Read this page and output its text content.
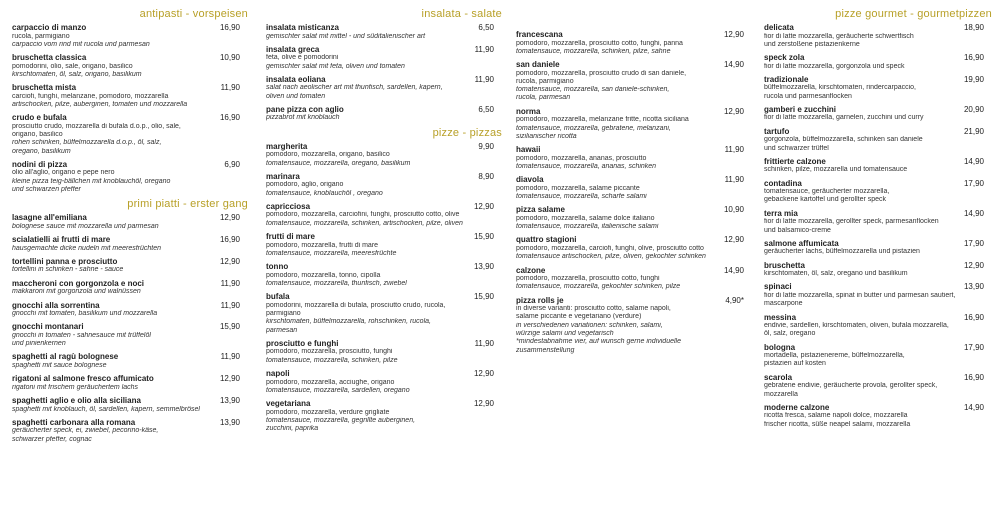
antipasti - vorspeisen
carpaccio di manzo	16,90
rucola, parmigiano
carpaccio vom rind mit rucola und parmesan
bruschetta classica	10,90
pomodorini, olio, sale, origano, basilico
kirschtomaten, öl, salz, origano, basilikum
bruschetta mista	11,90
carciofi, funghi, melanzane, pomodoro, mozzarella
artischocken, pilze, auberginen, tomaten und mozzarella
crudo e bufala	16,90
prosciutto crudo, mozzarella di bufala d.o.p., olio, sale,
origano, basilico
rohen schinken, büffelmozzarella d.o.p., öl, salz,
oregano, basilikum
nodini di pizza	6,90
olio all'aglio, origano e pepe nero
kleine pizza teig-bällchen mit knoblauchöl, oregano
und schwarzen pfeffer
primi piatti - erster gang
lasagne all'emiliana	12,90
bolognese sauce mit mozzarella und parmesan
scialatielli ai frutti di mare	16,90
hausgemachte dicke nudeln mit meeresfrüchten
tortellini panna e prosciutto	12,90
tortellini in schinken - sahne - sauce
maccheroni con gorgonzola e noci	11,90
makkaroni mit gorgonzola und walnüssen
gnocchi alla sorrentina	11,90
gnocchi mit tomaten, basilikum und mozzarella
gnocchi montanari	15,90
gnocchi in tomaten - sahnesauce mit trüffelöl
und pinienkernen
spaghetti al ragù bolognese	11,90
spaghetti mit sauce bolognese
rigatoni al salmone fresco affumicato	12,90
rigatoni mit frischem geräuchertem lachs
spaghetti aglio e olio alla siciliana	13,90
spaghetti mit knoblauch, öl, sardellen, kapern, semmelbrösel
spaghetti carbonara alla romana	13,90
geräucherter speck, ei, zwiebel, pecorino-käse,
schwarzer pfeffer, cognac
insalata - salate
insalata misticanza	6,50
gemischter salat mit mittel - und süditalienischer art
insalata greca	11,90
feta, olive e pomodorini
gemischter salat mit feta, oliven und tomaten
insalata eoliana	11,90
salat nach aeolischer art mit thunfisch, sardellen, kapern,
oliven und tomaten
pane pizza con aglio	6,50
pizzabrot mit knoblauch
pizze - pizzas
margherita	9,90
pomodoro, mozzarella, origano, basilico
tomatensauce, mozzarella, oregano, basilikum
marinara	8,90
pomodoro, aglio, origano
tomatensauce, knoblauchöl , oregano
capricciosa	12,90
pomodoro, mozzarella, carciofini, funghi, prosciutto cotto, olive
tomatensauce, mozzarella, schinken, artischocken, pilze, oliven
frutti di mare	15,90
pomodoro, mozzarella, frutti di mare
tomatensauce, mozzarella, meeresfrüchte
tonno	13,90
pomodoro, mozzarella, tonno, cipolla
tomatensauce, mozzarella, thunfisch, zwiebel
bufala	15,90
pomodorini, mozzarella di bufala, prosciutto crudo, rucola,
parmigiano
kirschtomaten, büffelmozzarella, rohschinken, rucola,
parmesan
prosciutto e funghi	11,90
pomodoro, mozzarella, prosciutto, funghi
tomatensauce, mozzarella, schinken, pilze
napoli	12,90
pomodoro, mozzarella, acciughe, origano
tomatensauce, mozzarella, sardellen, oregano
vegetariana	12,90
pomodoro, mozzarella, verdure grigliate
tomatensauce, mozzarella, gegrillte auberginen,
zucchini, paprika
francescana	12,90
pomodoro, mozzarella, prosciutto cotto, funghi, panna
tomatensauce, mozzarella, schinken, pilze, sahne
san daniele	14,90
pomodoro, mozzarella, prosciutto crudo di san daniele,
rucola, parmigiano
tomatensauce, mozzarella, san daniele-schinken,
rucola, parmesan
norma	12,90
pomodoro, mozzarella, melanzane fritte, ricotta siciliana
tomatensauce, mozzarella, gebratene, melanzani,
sizilianischer ricotta
hawaii	11,90
pomodoro, mozzarella, ananas, prosciutto
tomatensauce, mozzarella, ananas, schinken
diavola	11,90
pomodoro, mozzarella, salame piccante
tomatensauce, mozzarella, scharfe salami
pizza salame	10,90
pomodoro, mozzarella, salame dolce italiano
tomatensauce, mozzarella, italienische salami
quattro stagioni	12,90
pomodoro, mozzarella, carciofi, funghi, olive, prosciutto cotto
tomatensauce artischocken, pilze, oliven, gekochter schinken
calzone	14,90
pomodoro, mozzarella, prosciutto cotto, funghi
tomatensauce, mozzarella, gekochter schinken, pilze
pizza rolls je	4,90*
in diverse varianti: prosciutto cotto, salame napoli,
salame piccante e vegetariano (verdure)
in verschiedenen variationen: schinken, salami,
würzige salami und vegetarisch
*mindestabnahme vier, auf wunsch gerne individuelle
zusammenstellung
pizze gourmet - gourmetpizzen
delicata	18,90
fior di latte mozzarella, geräucherte schwertfisch
und zerstoßene pistazienkerne
speck zola	16,90
fior di latte mozzarella, gorgonzola und speck
tradizionale	19,90
büffelmozzarella, kirschtomaten, rindercarpaccio,
rucola und parmesanflocken
gamberi e zucchini	20,90
fior di latte mozzarella, garnelen, zucchini und curry
tartufo	21,90
gorgonzola, büffelmozzarella, schinken san daniele
und schwarzer trüffel
frittierte calzone	14,90
schinken, pilze, mozzarella und tomatensauce
contadina	17,90
tomatensauce, geräucherter mozzarella,
gebackene kartoffel und gerollter speck
terra mia	14,90
fior di latte mozzarella, gerollter speck, parmesanflocken
und balsamico-creme
salmone affumicata	17,90
geräucherter lachs, büffelmozzarella und pistazien
bruschetta	12,90
kirschtomaten, öl, salz, oregano und basilikum
spinaci	13,90
fior di latte mozzarella, spinat in butter und parmesan sautiert,
mascarpone
messina	16,90
endivie, sardellen, kirschtomaten, oliven, bufala mozzarella,
öl, salz, oregano
bologna	17,90
mortadella, pistazienereme, büffelmozzarella,
pistazien auf kosten
scarola	16,90
gebratene endivie, geräucherte provola, gerollter speck,
mozzarella
moderne calzone	14,90
ricotta fresca, salame napoli dolce, mozzarella
frischer ricotta, süße neapel salami, mozzarella
